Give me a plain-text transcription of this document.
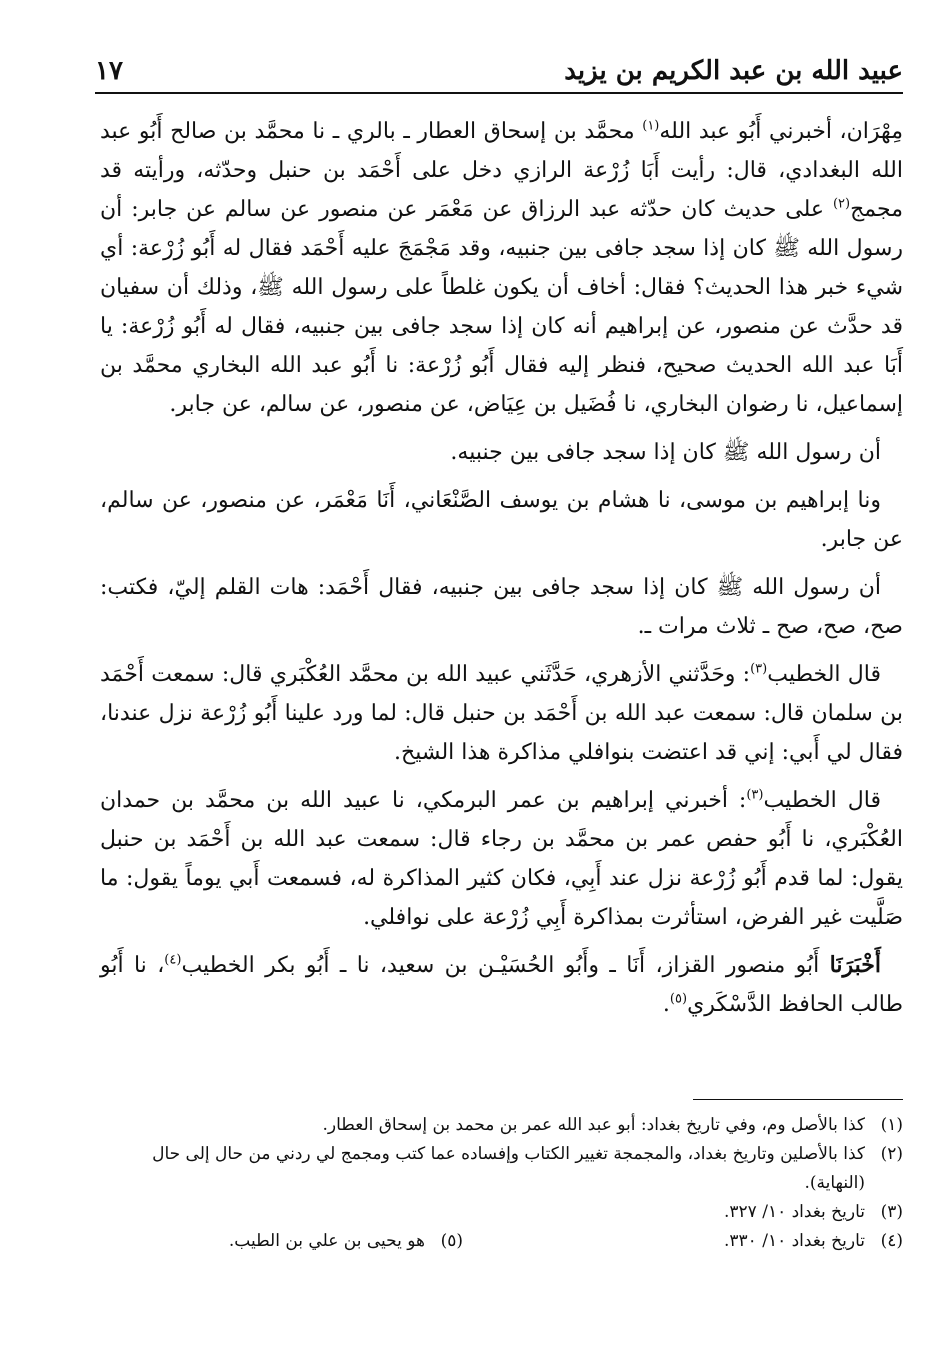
عبيد الله بن عبد الكريم بن يزيد
١٧

مِهْرَان، أخبرني أَبُو عبد الله$^{(١)}$ محمَّد بن إسحاق العطار ـ بالري ـ نا محمَّد بن صالح أَبُو عبد الله البغدادي، قال: رأيت أَبَا زُرْعة الرازي دخل على أَحْمَد بن حنبل وحدّثه، ورأيته قد مجمج$^{(٢)}$ على حديث كان حدّثه عبد الرزاق عن مَعْمَر عن منصور عن سالم عن جابر: أن رسول الله ﷺ كان إذا سجد جافى بين جنبيه، وقد مَجْمَجَ عليه أَحْمَد فقال له أَبُو زُرْعة: أي شيء خبر هذا الحديث؟ فقال: أخاف أن يكون غلطاً على رسول الله ﷺ، وذلك أن سفيان قد حدَّث عن منصور، عن إبراهيم أنه كان إذا سجد جافى بين جنبيه، فقال له أَبُو زُرْعة: يا أَبَا عبد الله الحديث صحيح، فنظر إليه فقال أَبُو زُرْعة: نا أَبُو عبد الله البخاري محمَّد بن إسماعيل، نا رضوان البخاري، نا فُضَيل بن عِيَاض، عن منصور، عن سالم، عن جابر.

أن رسول الله ﷺ كان إذا سجد جافى بين جنبيه.

ونا إبراهيم بن موسى، نا هشام بن يوسف الصَّنْعَاني، أَنَا مَعْمَر، عن منصور، عن سالم، عن جابر.

أن رسول الله ﷺ كان إذا سجد جافى بين جنبيه، فقال أَحْمَد: هات القلم إليّ، فكتب: صح، صح، صح ـ ثلاث مرات ـ.

قال الخطيب$^{(٣)}$: وحَدَّثني الأزهري، حَدَّثَني عبيد الله بن محمَّد العُكْبَري قال: سمعت أَحْمَد بن سلمان قال: سمعت عبد الله بن أَحْمَد بن حنبل قال: لما ورد علينا أَبُو زُرْعة نزل عندنا، فقال لي أَبي: إني قد اعتضت بنوافلي مذاكرة هذا الشيخ.

قال الخطيب$^{(٣)}$: أخبرني إبراهيم بن عمر البرمكي، نا عبيد الله بن محمَّد بن حمدان العُكْبَري، نا أَبُو حفص عمر بن محمَّد بن رجاء قال: سمعت عبد الله بن أَحْمَد بن حنبل يقول: لما قدم أَبُو زُرْعة نزل عند أَبِي، فكان كثير المذاكرة له، فسمعت أَبي يوماً يقول: ما صَلَّيت غير الفرض، استأثرت بمذاكرة أَبِي زُرْعة على نوافلي.

أَخْبَرَنَا أَبُو منصور القزاز، أَنَا ـ وأَبُو الحُسَيْـن بن سعيد، نا ـ أَبُو بكر الخطيب$^{(٤)}$، نا أَبُو طالب الحافظ الدَّسْكَري$^{(٥)}$.

(١)
كذا بالأصل وم، وفي تاريخ بغداد: أبو عبد الله عمر بن محمد بن إسحاق العطار.
(٢)
كذا بالأصلين وتاريخ بغداد، والمجمجة تغيير الكتاب وإفساده عما كتب ومجمج لي ردني من حال إلى حال (النهاية).
(٣)
تاريخ بغداد ١٠/ ٣٢٧.
(٤)
تاريخ بغداد ١٠/ ٣٣٠.
(٥)
هو يحيى بن علي بن الطيب.
